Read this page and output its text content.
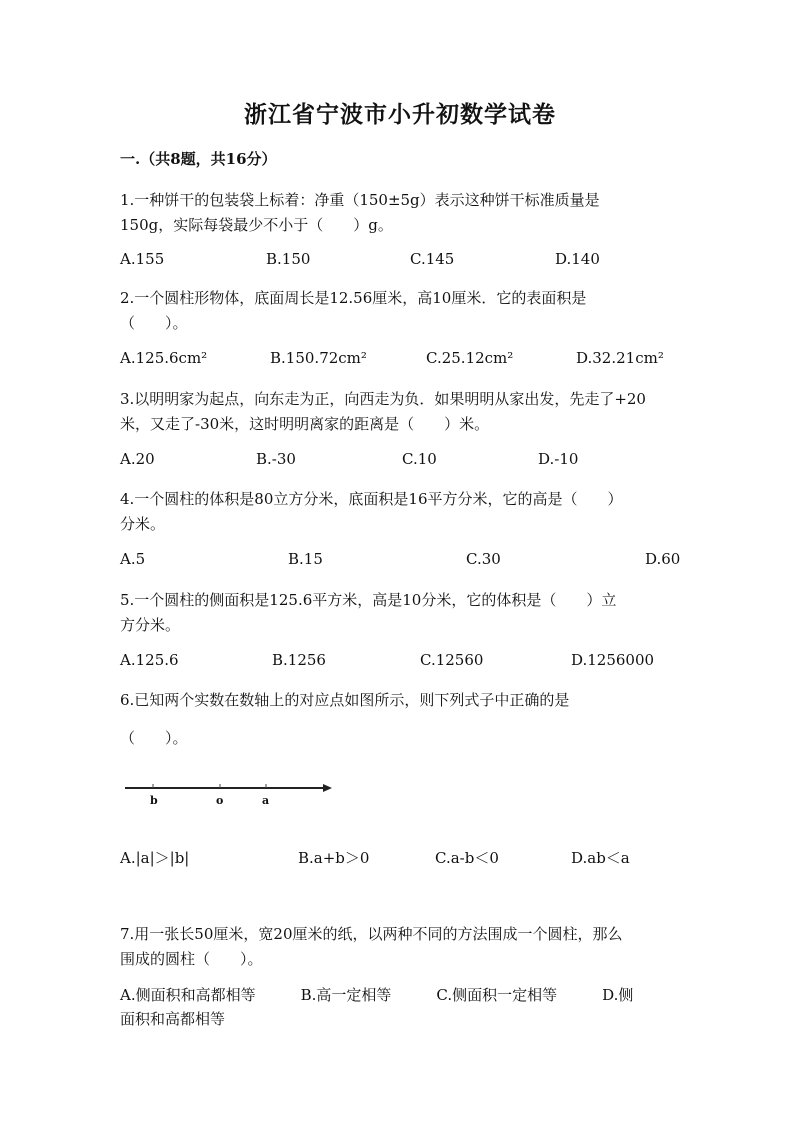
浙江省宁波市小升初数学试卷
一.（共8题，共16分）
1.一种饼干的包装袋上标着：净重（150±5g）表示这种饼干标准质量是
150g，实际每袋最少不小于（　　）g。
A.155	B.150	C.145	D.140
2.一个圆柱形物体，底面周长是12.56厘米，高10厘米．它的表面积是
（　　）。
A.125.6cm²	B.150.72cm²	C.25.12cm²	D.32.21cm²
3.以明明家为起点，向东走为正，向西走为负．如果明明从家出发，先走了+20
米，又走了-30米，这时明明离家的距离是（　　）米。
A.20	B.-30	C.10	D.-10
4.一个圆柱的体积是80立方分米，底面积是16平方分米，它的高是（　　）
分米。
A.5	B.15	C.30	D.60
5.一个圆柱的侧面积是125.6平方米，高是10分米，它的体积是（　　）立
方分米。
A.125.6	B.1256	C.12560	D.1256000
6.已知两个实数在数轴上的对应点如图所示，则下列式子中正确的是
（　　）。
b	o	a
A.|a|＞|b|	B.a+b＞0	C.a-b＜0	D.ab＜a
7.用一张长50厘米，宽20厘米的纸，以两种不同的方法围成一个圆柱，那么
围成的圆柱（　　）。
A.侧面积和高都相等　　　B.高一定相等　　　C.侧面积一定相等　　　D.侧
面积和高都相等
